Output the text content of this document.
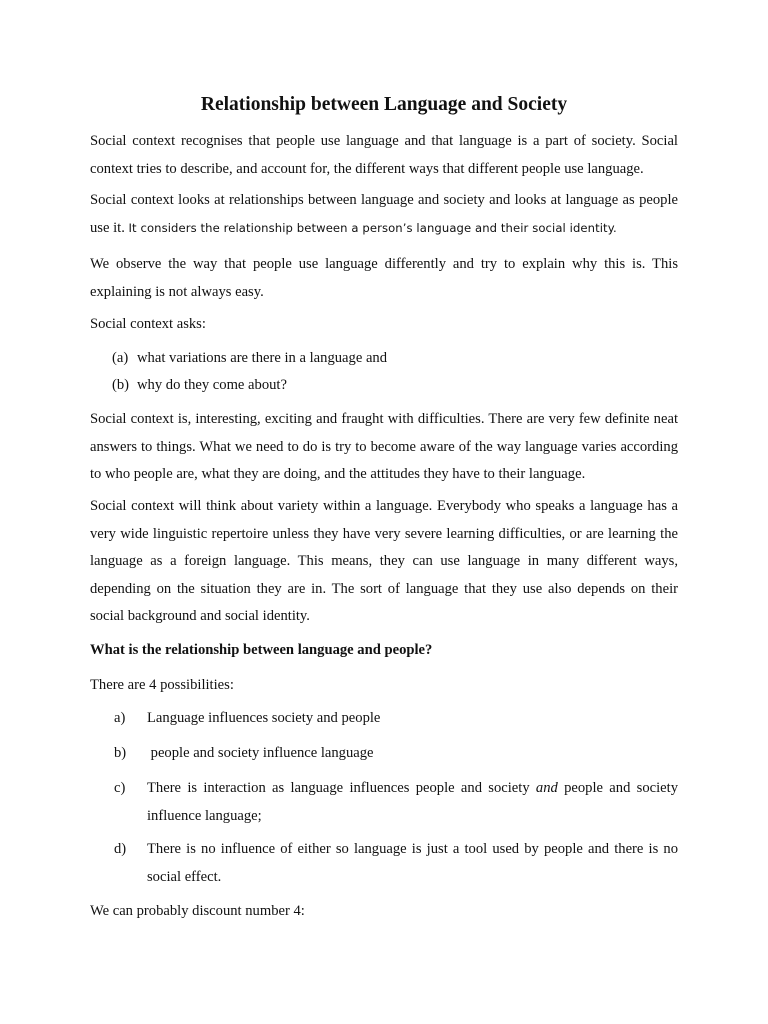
Relationship between Language and Society

Social context recognises that people use language and that language is a part of society. Social context tries to describe, and account for, the different ways that different people use language.

Social context looks at relationships between language and society and looks at language as people use it. It considers the relationship between a person’s language and their social identity.

We observe the way that people use language differently and try to explain why this is. This explaining is not always easy.

Social context asks:

(a) what variations are there in a language and

(b) why do they come about?

Social context is, interesting, exciting and fraught with difficulties. There are very few definite neat answers to things. What we need to do is try to become aware of the way language varies according to who people are, what they are doing, and the attitudes they have to their language.

Social context will think about variety within a language. Everybody who speaks a language has a very wide linguistic repertoire unless they have very severe learning difficulties, or are learning the language as a foreign language. This means, they can use language in many different ways, depending on the situation they are in. The sort of language that they use also depends on their social background and social identity.

What is the relationship between language and people?

There are 4 possibilities:

a) Language influences society and people
b) people and society influence language
c) There is interaction as language influences people and society and people and society influence language;
d) There is no influence of either so language is just a tool used by people and there is no social effect.

We can probably discount number 4:
